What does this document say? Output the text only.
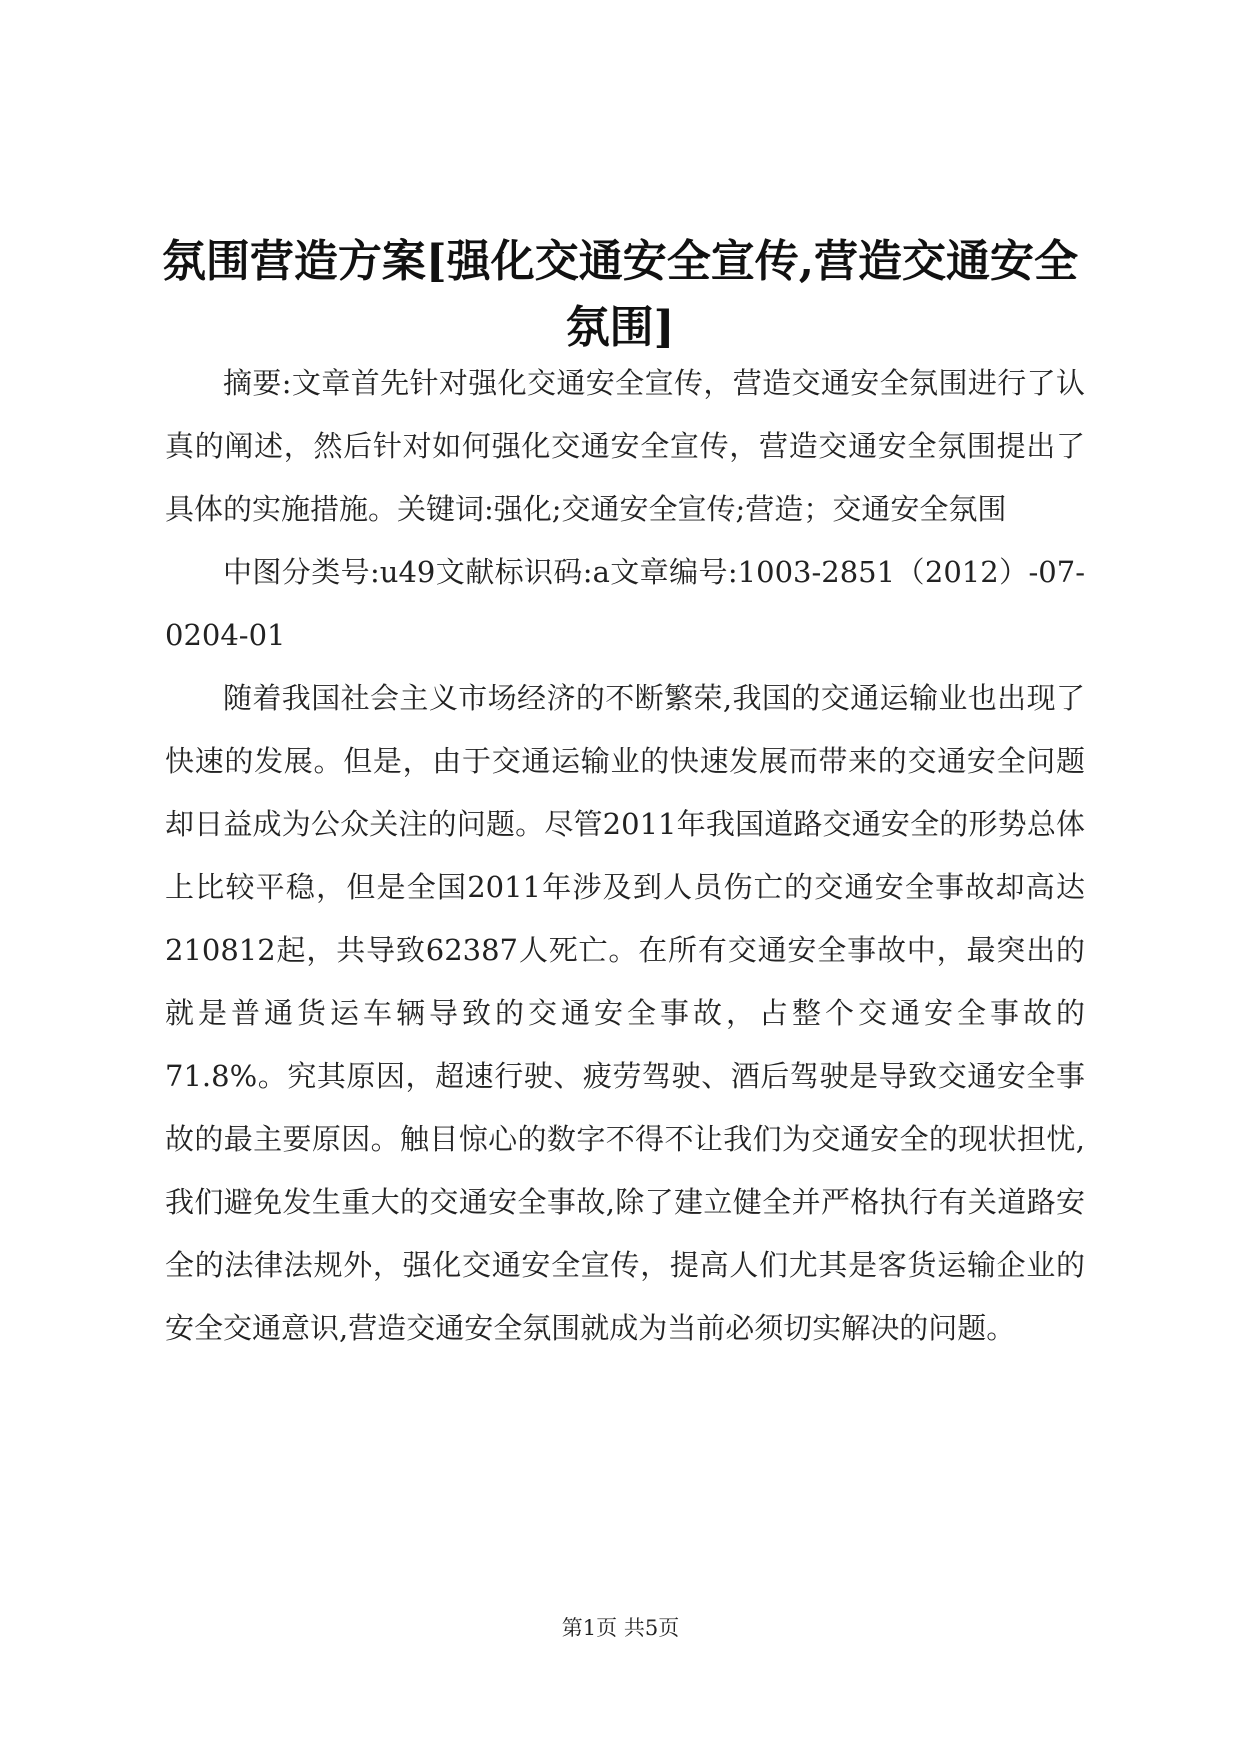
氛围营造方案[强化交通安全宣传,营造交通安全氛围]

摘要:文章首先针对强化交通安全宣传，营造交通安全氛围进行了认真的阐述，然后针对如何强化交通安全宣传，营造交通安全氛围提出了具体的实施措施。关键词:强化;交通安全宣传;营造；交通安全氛围

中图分类号:u49文献标识码:a文章编号:1003-2851（2012）-07-0204-01

随着我国社会主义市场经济的不断繁荣,我国的交通运输业也出现了快速的发展。但是，由于交通运输业的快速发展而带来的交通安全问题却日益成为公众关注的问题。尽管2011年我国道路交通安全的形势总体上比较平稳，但是全国2011年涉及到人员伤亡的交通安全事故却高达210812起，共导致62387人死亡。在所有交通安全事故中，最突出的就是普通货运车辆导致的交通安全事故，占整个交通安全事故的71.8%。究其原因，超速行驶、疲劳驾驶、酒后驾驶是导致交通安全事故的最主要原因。触目惊心的数字不得不让我们为交通安全的现状担忧,我们避免发生重大的交通安全事故,除了建立健全并严格执行有关道路安全的法律法规外，强化交通安全宣传，提高人们尤其是客货运输企业的安全交通意识,营造交通安全氛围就成为当前必须切实解决的问题。

第1页 共5页
